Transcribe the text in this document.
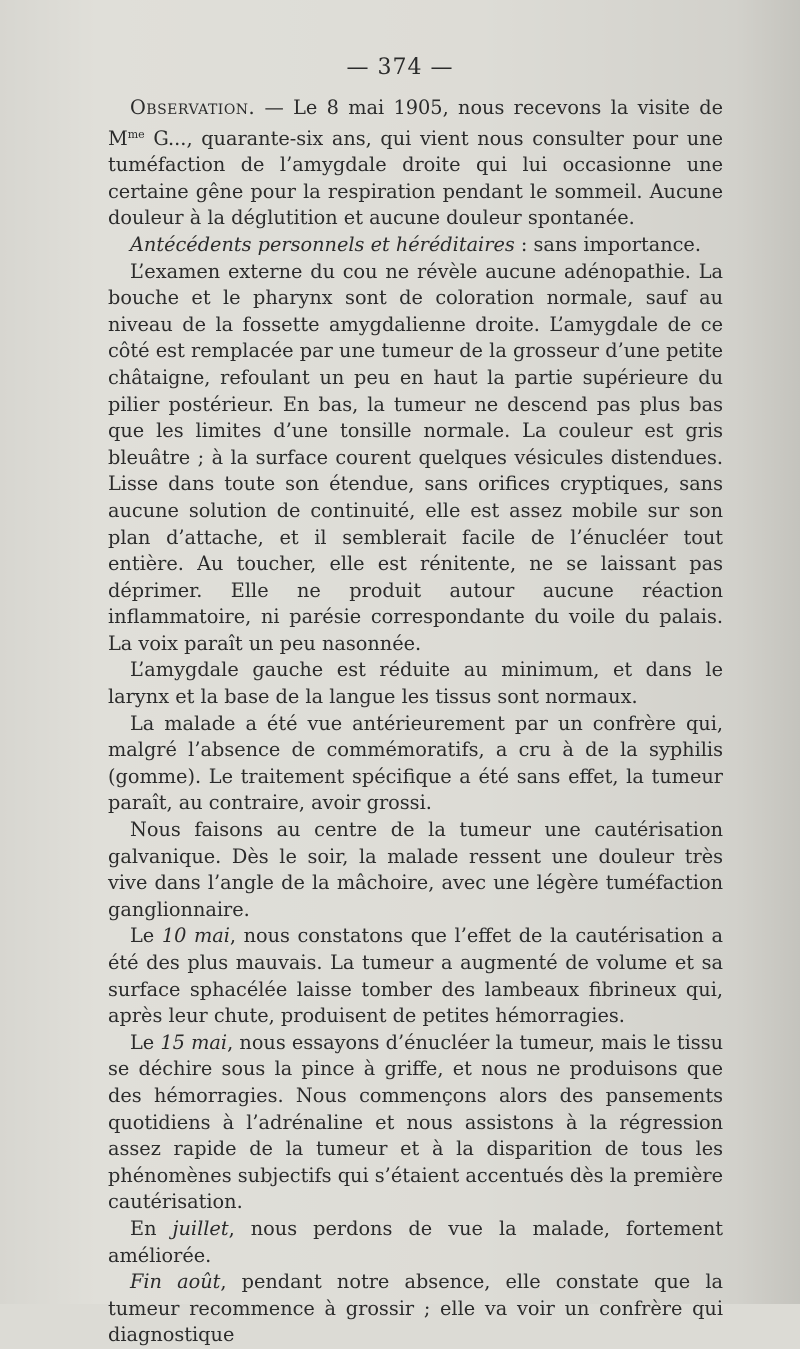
— 374 —

Observation. — Le 8 mai 1905, nous recevons la visite de $M^{me}$ G..., quarante-six ans, qui vient nous consulter pour une tuméfaction de l’amygdale droite qui lui occasionne une certaine gêne pour la respiration pendant le sommeil. Aucune douleur à la déglutition et aucune douleur spontanée.

Antécédents personnels et héréditaires : sans importance.

L’examen externe du cou ne révèle aucune adénopathie. La bouche et le pharynx sont de coloration normale, sauf au niveau de la fossette amygdalienne droite. L’amygdale de ce côté est remplacée par une tumeur de la grosseur d’une petite châtaigne, refoulant un peu en haut la partie supérieure du pilier postérieur. En bas, la tumeur ne descend pas plus bas que les limites d’une tonsille normale. La couleur est gris bleuâtre ; à la surface courent quelques vésicules distendues. Lisse dans toute son étendue, sans orifices cryptiques, sans aucune solution de continuité, elle est assez mobile sur son plan d’attache, et il semblerait facile de l’énucléer tout entière. Au toucher, elle est rénitente, ne se laissant pas déprimer. Elle ne produit autour aucune réaction inflammatoire, ni parésie correspondante du voile du palais. La voix paraît un peu nasonnée.

L’amygdale gauche est réduite au minimum, et dans le larynx et la base de la langue les tissus sont normaux.

La malade a été vue antérieurement par un confrère qui, malgré l’absence de commémoratifs, a cru à de la syphilis (gomme). Le traitement spécifique a été sans effet, la tumeur paraît, au contraire, avoir grossi.

Nous faisons au centre de la tumeur une cautérisation galvanique. Dès le soir, la malade ressent une douleur très vive dans l’angle de la mâchoire, avec une légère tuméfaction ganglionnaire.

Le 10 mai, nous constatons que l’effet de la cautérisation a été des plus mauvais. La tumeur a augmenté de volume et sa surface sphacélée laisse tomber des lambeaux fibrineux qui, après leur chute, produisent de petites hémorragies.

Le 15 mai, nous essayons d’énucléer la tumeur, mais le tissu se déchire sous la pince à griffe, et nous ne produisons que des hémorragies. Nous commençons alors des pansements quotidiens à l’adrénaline et nous assistons à la régression assez rapide de la tumeur et à la disparition de tous les phénomènes subjectifs qui s’étaient accentués dès la première cautérisation.

En juillet, nous perdons de vue la malade, fortement améliorée.

Fin août, pendant notre absence, elle constate que la tumeur recommence à grossir ; elle va voir un confrère qui diagnostique
